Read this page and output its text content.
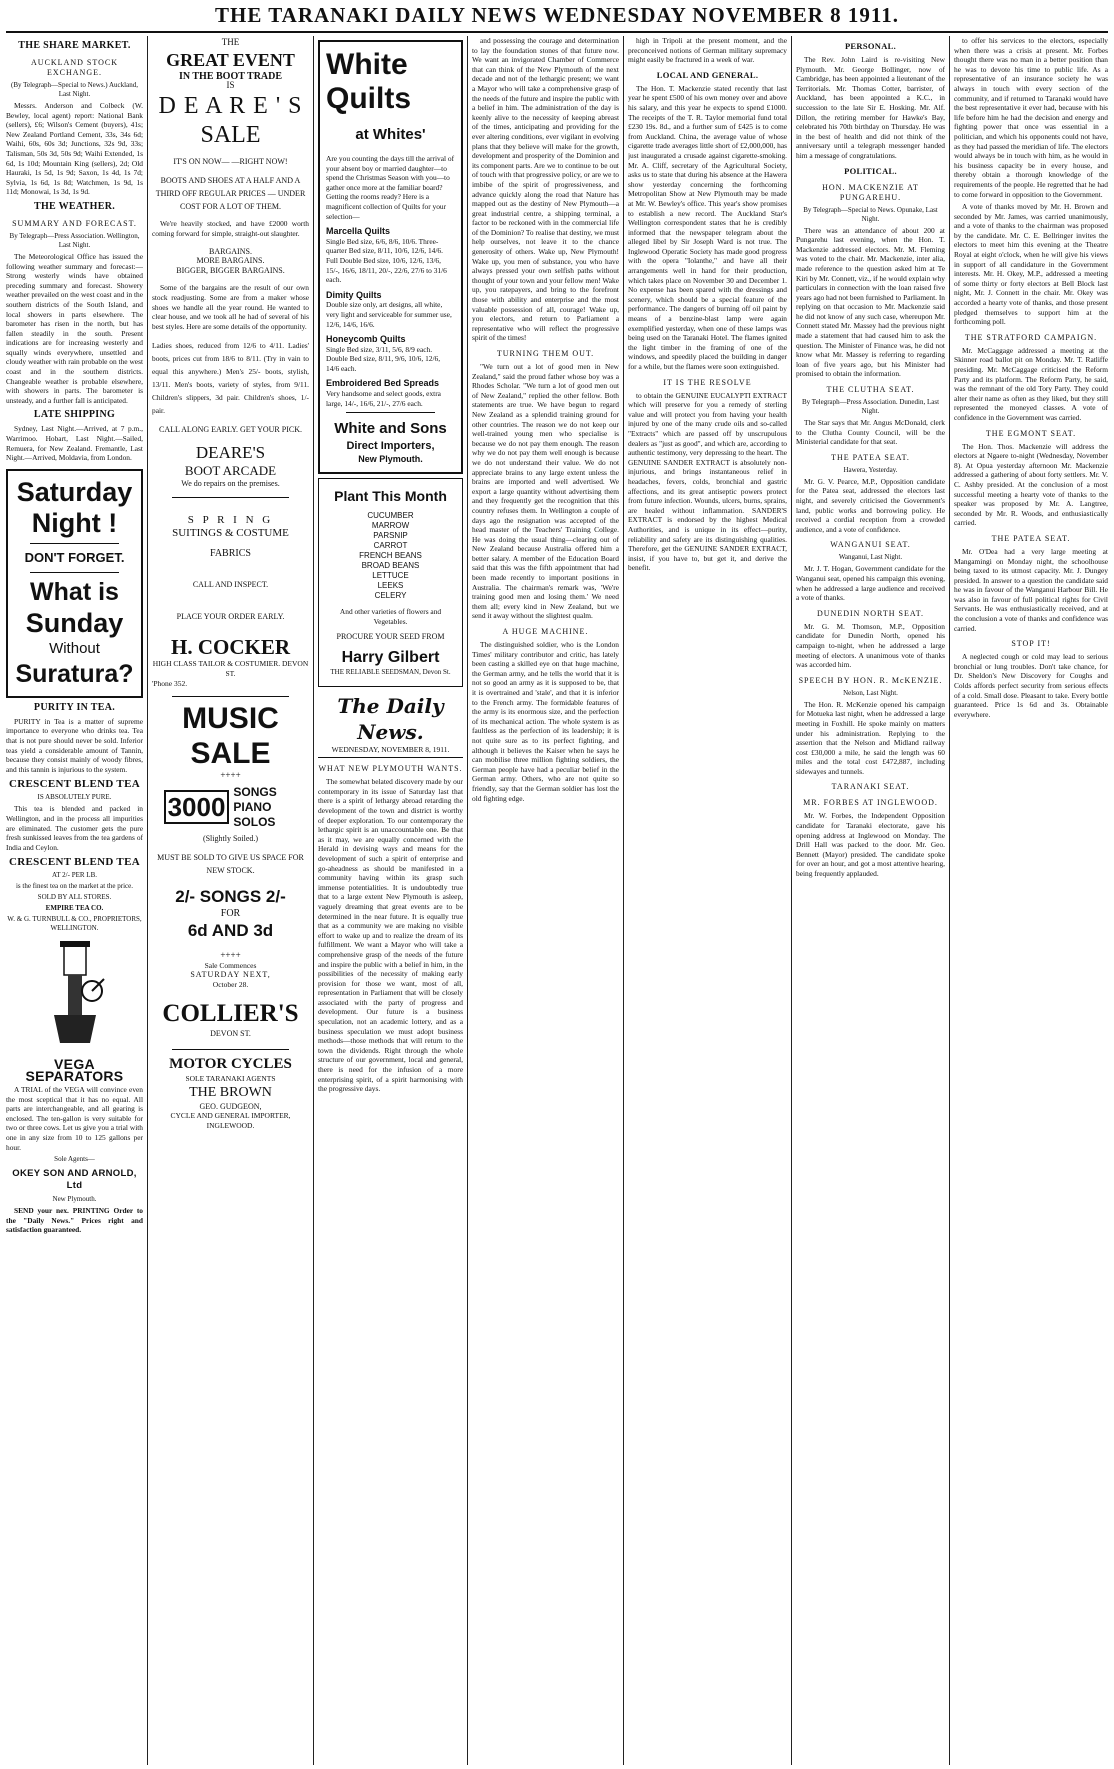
THE TARANAKI DAILY NEWS WEDNESDAY NOVEMBER 8 1911.
THE SHARE MARKET.
AUCKLAND STOCK EXCHANGE.
(By Telegraph—Special to News.) Auckland, Last Night.

Messrs. Anderson and Colbeck (W. Bewley, local agent) report: National Bank (sellers), £6; Wilson's Cement (buyers), 41s; New Zealand Portland Cement, 33s, 34s 6d; Waihi, 60s, 60s 3d; Junctions, 32s 9d, 33s; Talisman, 50s 3d, 50s 9d; Waihi Extended, 1s 6d, 1s 10d; Mountain King (sellers), 2d; Old Hauraki, 1s 5d, 1s 9d; Saxon, 1s 4d, 1s 7d; Sylvia, 1s 6d, 1s 8d; Watchmen, 1s 9d, 1s 11d; Monowai, 1s 3d, 1s 9d.

THE WEATHER.
SUMMARY AND FORECAST.
By Telegraph—Press Association. Wellington, Last Night.

The Meteorological Office has issued the following weather summary and forecast:—Strong westerly winds have obtained preceding summary and forecast. Showery weather prevailed on the west coast and in the southern districts of the South Island, and local showers in parts elsewhere. The barometer has risen in the north, but has fallen steadily in the south. Present indications are for increasing westerly and squally winds everywhere, unsettled and cloudy weather with rain probable on the west coast and in the southern districts. Changeable weather is probable elsewhere, with showers in parts. The barometer is unsteady, and a further fall is anticipated.

LATE SHIPPING

Sydney, Last Night.—Arrived, at 7 p.m., Warrimoo. Hobart, Last Night.—Sailed, Remuera, for New Zealand. Fremantle, Last Night.—Arrived, Moldavia, from London.

Saturday
Night !
DON'T FORGET.
What is
Sunday
Without
Suratura?
PURITY IN TEA.

PURITY in Tea is a matter of supreme importance to everyone who drinks tea. Tea that is not pure should never be sold. Inferior teas yield a considerable amount of Tannin, because they consist mainly of woody fibres, and this tannin is injurious to the system.

CRESCENT BLEND TEA
IS ABSOLUTELY PURE.

This tea is blended and packed in Wellington, and in the process all impurities are eliminated. The customer gets the pure fresh sunkissed leaves from the tea gardens of India and Ceylon.

CRESCENT BLEND TEA
AT 2/- PER LB.
is the finest tea on the market at the price.
SOLD BY ALL STORES.
EMPIRE TEA CO.
W. & G. TURNBULL & CO., PROPRIETORS, WELLINGTON.
VEGA SEPARATORS

A TRIAL of the VEGA will convince even the most sceptical that it has no equal. All parts are interchangeable, and all gearing is enclosed. The ten-gallon is very suitable for two or three cows. Let us give you a trial with one in any size from 10 to 125 gallons per hour.

Sole Agents—
OKEY SON AND ARNOLD, Ltd
New Plymouth.

SEND your nex. PRINTING Order to the "Daily News." Prices right and satisfaction guaranteed.

THE
GREAT EVENT
IN THE BOOT TRADE
IS
D E A R E ' S
SALE
IT'S ON NOW— —RIGHT NOW!
BOOTS AND SHOES AT A HALF AND A THIRD OFF REGULAR PRICES — UNDER COST FOR A LOT OF THEM.

We're heavily stocked, and have £2000 worth coming forward for simple, straight-out slaughter.

BARGAINS.
MORE BARGAINS.
BIGGER, BIGGER BARGAINS.

Some of the bargains are the result of our own stock readjusting. Some are from a maker whose shoes we handle all the year round. He wanted to clear house, and we took all he had of several of his best styles. Here are some details of the opportunity.

Ladies shoes, reduced from 12/6 to 4/11. Ladies' boots, prices cut from 18/6 to 8/11. (Try in vain to equal this anywhere.) Men's 25/- boots, stylish, 13/11. Men's boots, variety of styles, from 9/11. Children's slippers, 3d pair. Children's shoes, 1/- pair.

CALL ALONG EARLY. GET YOUR PICK.
DEARE'S
BOOT ARCADE
We do repairs on the premises.
S P R I N G
SUITINGS & COSTUME
FABRICS
CALL AND INSPECT.
PLACE YOUR ORDER EARLY.
H. COCKER
HIGH CLASS TAILOR & COSTUMIER. DEVON ST.
'Phone 352.
MUSIC
SALE
++++
3000
SONGS PIANO SOLOS
(Slightly Soiled.)
MUST BE SOLD TO GIVE US SPACE FOR NEW STOCK.
2/- SONGS 2/-
FOR
6d AND 3d
++++
Sale Commences
SATURDAY NEXT,
October 28.
COLLIER'S
DEVON ST.
MOTOR CYCLES
SOLE TARANAKI AGENTS
THE BROWN
GEO. GUDGEON,
CYCLE AND GENERAL IMPORTER, INGLEWOOD.
White
Quilts
at Whites'

Are you counting the days till the arrival of your absent boy or married daughter—to spend the Christmas Season with you—to gather once more at the familiar board? Getting the rooms ready? Here is a magnificent collection of Quilts for your selection—

Marcella Quilts

Single Bed size, 6/6, 8/6, 10/6. Three-quarter Bed size, 8/11, 10/6, 12/6, 14/6. Full Double Bed size, 10/6, 12/6, 13/6, 15/-, 16/6, 18/11, 20/-, 22/6, 27/6 to 31/6 each.

Dimity Quilts

Double size only, art designs, all white, very light and serviceable for summer use, 12/6, 14/6, 16/6.

Honeycomb Quilts

Single Bed size, 3/11, 5/6, 8/9 each. Double Bed size, 8/11, 9/6, 10/6, 12/6, 14/6 each.

Embroidered Bed Spreads

Very handsome and select goods, extra large, 14/-, 16/6, 21/-, 27/6 each.

White and Sons
Direct Importers,
New Plymouth.
Plant This Month
CUCUMBER
MARROW
PARSNIP
CARROT
FRENCH BEANS
BROAD BEANS
LETTUCE
LEEKS
CELERY

And other varieties of flowers and Vegetables.

PROCURE YOUR SEED FROM
Harry Gilbert
THE RELIABLE SEEDSMAN, Devon St.
The Daily News.
WEDNESDAY, NOVEMBER 8, 1911.
WHAT NEW PLYMOUTH WANTS.

The somewhat belated discovery made by our contemporary in its issue of Saturday last that there is a spirit of lethargy abroad retarding the development of the town and district is worthy of deeper exploration. To our contemporary the lethargic spirit is an unaccountable one. Be that as it may, we are equally concerned with the Herald in devising ways and means for the development of such a spirit of enterprise and go-aheadness as should be manifested in a community having within its grasp such immense potentialities. It is undoubtedly true that to a large extent New Plymouth is asleep, vaguely dreaming that great events are to be determined in the near future. It is equally true that as a community we are making no visible effort to wake up and to realize the dream of its fulfillment. We want a Mayor who will take a comprehensive grasp of the needs of the future and inspire the public with a belief in him, in the possibilities of the necessity of making early provision for those we want, most of all, representation in Parliament that will be closely associated with the party of progress and development. Our future is a business speculation, not an academic lottery, and as a business speculation we must adopt business methods—those methods that will return to the town the dividends. Right through the whole structure of our government, local and general, there is need for the infusion of a more enterprising spirit, of a spirit harmonising with the progressive days.

and possessing the courage and determination to lay the foundation stones of that future now. We want an invigorated Chamber of Commerce that can think of the New Plymouth of the next decade and not of the lethargic present; we want a Mayor who will take a comprehensive grasp of the needs of the future and inspire the public with a belief in him. The administration of the day is keenly alive to the necessity of keeping abreast of the times, anticipating and providing for the ever altering conditions, ever vigilant in evolving plans that they believe will make for the growth, development and prosperity of the Dominion and its component parts. Are we to continue to be out of touch with that progressive policy, or are we to imbibe of the spirit of progressiveness, and advance quickly along the road that Nature has mapped out as the destiny of New Plymouth—a great industrial centre, a shipping terminal, a factor to be reckoned with in the commercial life of the Dominion? To realise that destiny, we must help ourselves, not leave it to the chance generosity of others. Wake up, New Plymouth! Wake up, you men of substance, you who have always pressed your own selfish paths without thought of your town and your fellow men! Wake up, you ratepayers, and bring to the forefront those with ability and enterprise and the most valuable possession of all, courage! Wake up, you electors, and return to Parliament a representative who will reflect the progressive spirit of the times!

TURNING THEM OUT.

"We turn out a lot of good men in New Zealand," said the proud father whose boy was a Rhodes Scholar. "We turn a lot of good men out of New Zealand," replied the other fellow. Both statements are true. We have begun to regard New Zealand as a splendid training ground for other countries. The reason we do not keep our well-trained young men who specialise is because we do not pay them enough. The reason why we do not pay them well enough is because we do not understand their value. We do not appreciate brains to any large extent unless the brains are imported and well advertised. We export a large quantity without advertising them and they frequently get the recognition that this country refuses them. In Wellington a couple of days ago the resignation was accepted of the head master of the Teachers' Training College. He was doing the usual thing—clearing out of New Zealand because Australia offered him a better salary. A member of the Education Board said that this was the fifth appointment that had been made recently to important positions in Australia. The chairman's remark was, 'We're training good men and losing them.' We need them all; every kind in New Zealand, but we send it away without the slightest qualm.

A HUGE MACHINE.

The distinguished soldier, who is the London Times' military contributor and critic, has lately been casting a skilled eye on that huge machine, the German army, and he tells the world that it is not so good an army as it is supposed to be, that it is overtrained and 'stale', and that it is inferior to the French army. The formidable features of the army is its enormous size, and the perfection of its mechanical action. The whole system is as faultless as the perfection of its leadership; it is not quite sure as to its perfect fighting, and although it believes the Kaiser when he says he can mobilise three million fighting soldiers, the German people have had a peculiar belief in the German army. Others, who are not quite so friendly, say that the German soldier has lost the old fighting edge.

high in Tripoli at the present moment, and the preconceived notions of German military supremacy might easily be fractured in a week of war.

LOCAL AND GENERAL.

The Hon. T. Mackenzie stated recently that last year he spent £500 of his own money over and above his salary, and this year he expects to spend £1000. The receipts of the T. R. Taylor memorial fund total £230 19s. 8d., and a further sum of £425 is to come from Auckland. China, the average value of whose cigarette trade averages little short of £2,000,000, has just inaugurated a crusade against cigarette-smoking. Mr. A. Cliff, secretary of the Agricultural Society, asks us to state that during his absence at the Hawera show yesterday concerning the forthcoming Metropolitan Show at New Plymouth may be made at Mr. W. Bewley's office. This year's show promises to establish a new record. The Auckland Star's Wellington correspondent states that he is credibly informed that the newspaper telegram about the alleged libel by Sir Joseph Ward is not true. The Inglewood Operatic Society has made good progress with the opera "Iolanthe," and have all their arrangements well in hand for their production, which takes place on November 30 and December 1. No expense has been spared with the dressings and scenery, which should be a special feature of the performance. The dangers of burning off oil paint by means of a benzine-blast lamp were again exemplified yesterday, when one of these lamps was being used on the Taranaki Hotel. The flames ignited the light timber in the framing of one of the windows, and speedily placed the building in danger for a while, but the flames were soon extinguished.

IT IS THE RESOLVE

to obtain the GENUINE EUCALYPTI EXTRACT which will preserve for you a remedy of sterling value and will protect you from having your health injured by one of the many crude oils and so-called "Extracts" which are passed off by unscrupulous dealers as "just as good", and which are, according to authentic testimony, very depressing to the heart. The GENUINE SANDER EXTRACT is absolutely non-injurious, and brings instantaneous relief in headaches, fevers, colds, bronchial and gastric affections, and its great antiseptic powers protect from future infection. Wounds, ulcers, burns, sprains, are healed without inflammation. SANDER'S EXTRACT is endorsed by the highest Medical Authorities, and is unique in its effect—purity, reliability and safety are its distinguishing qualities. Therefore, get the GENUINE SANDER EXTRACT, insist, if you have to, but get it, and derive the benefit.

PERSONAL.

The Rev. John Laird is re-visiting New Plymouth. Mr. George Bollinger, now of Cambridge, has been appointed a lieutenant of the Territorials. Mr. Thomas Cotter, barrister, of Auckland, has been appointed a K.C., in succession to the late Sir E. Hosking. Mr. Alf. Dillon, the retiring member for Hawke's Bay, celebrated his 70th birthday on Thursday. He was in the best of health and did not think of the anniversary until a telegraph messenger handed him a message of congratulations.

POLITICAL.
HON. MACKENZIE AT PUNGAREHU.
By Telegraph—Special to News. Opunake, Last Night.

There was an attendance of about 200 at Pungarehu last evening, when the Hon. T. Mackenzie addressed electors. Mr. M. Fleming was voted to the chair. Mr. Mackenzie, inter alia, made reference to the question asked him at Te Kiri by Mr. Connett, viz., if he would explain why particulars in connection with the loan raised five years ago had not been furnished to Parliament. In replying on that occasion to Mr. Mackenzie said he did not know of any such case, whereupon Mr. Connett stated Mr. Massey had the previous night made a statement that had caused him to ask the question. The Minister of Finance was, he did not know what Mr. Massey is referring to regarding loan of five years ago, but his Minister had promised to obtain the information.

THE CLUTHA SEAT.
By Telegraph—Press Association. Dunedin, Last Night.

The Star says that Mr. Angus McDonald, clerk to the Clutha County Council, will be the Ministerial candidate for that seat.

THE PATEA SEAT.
Hawera, Yesterday.

Mr. G. V. Pearce, M.P., Opposition candidate for the Patea seat, addressed the electors last night, and severely criticised the Government's land, public works and borrowing policy. He received a cordial reception from a crowded audience, and a vote of confidence.

WANGANUI SEAT.
Wanganui, Last Night.

Mr. J. T. Hogan, Government candidate for the Wanganui seat, opened his campaign this evening, when he addressed a large audience and received a vote of thanks.

DUNEDIN NORTH SEAT.

Mr. G. M. Thomson, M.P., Opposition candidate for Dunedin North, opened his campaign to-night, when he addressed a large meeting of electors. A unanimous vote of thanks was accorded him.

SPEECH BY HON. R. McKENZIE.
Nelson, Last Night.

The Hon. R. McKenzie opened his campaign for Motueka last night, when he addressed a large meeting in Foxhill. He spoke mainly on matters under his administration. Replying to the assertion that the Nelson and Midland railway cost £30,000 a mile, he said the length was 60 miles and the total cost £472,887, including sidewayes and tunnels.

TARANAKI SEAT.
MR. FORBES AT INGLEWOOD.

Mr. W. Forbes, the Independent Opposition candidate for Taranaki electorate, gave his opening address at Inglewood on Monday. The Drill Hall was packed to the door. Mr. Geo. Bennett (Mayor) presided. The candidate spoke for over an hour, and got a most attentive hearing, being frequently applauded.

to offer his services to the electors, especially when there was a crisis at present. Mr. Forbes thought there was no man in a better position than he was to devote his time to public life. As a representative of an insurance society he was always in touch with every section of the community, and if returned to Taranaki would have the best representative it ever had, because with his life before him he had the decision and energy and fighting power that once was essential in a politician, and which his opponents could not have, as they had passed the meridian of life. The electors would always be in touch with him, as he would in his business capacity be in every house, and thereby obtain a thorough knowledge of the requirements of the people. He regretted that he had to come forward in opposition to the Government.

A vote of thanks moved by Mr. H. Brown and seconded by Mr. James, was carried unanimously, and a vote of thanks to the chairman was proposed by the candidate. Mr. C. E. Bellringer invites the electors to meet him this evening at the Theatre Royal at eight o'clock, when he will give his views in support of all candidature in the Government interests. Mr. H. Okey, M.P., addressed a meeting of some thirty or forty electors at Bell Block last night, Mr. J. Connett in the chair. Mr. Okey was accorded a hearty vote of thanks, and those present pledged themselves to support him at the forthcoming poll.

THE STRATFORD CAMPAIGN.

Mr. McCaggage addressed a meeting at the Skinner road ballot pit on Monday. Mr. T. Ratliffe presiding. Mr. McCaggage criticised the Reform Party and its platform. The Reform Party, he said, was the remnant of the old Tory Party. They could alter their name as often as they liked, but they still represented the moneyed classes. A vote of confidence in the Government was carried.

THE EGMONT SEAT.

The Hon. Thos. Mackenzie will address the electors at Ngaere to-night (Wednesday, November 8). At Opua yesterday afternoon Mr. Mackenzie addressed a gathering of about forty settlers. Mr. V. C. Ashby presided. At the conclusion of a most successful meeting a hearty vote of thanks to the speaker was proposed by Mr. A. Langtree, seconded by Mr. R. Woods, and enthusiastically carried.

THE PATEA SEAT.

Mr. O'Dea had a very large meeting at Mangamingi on Monday night, the schoolhouse being taxed to its utmost capacity. Mr. J. Dungey presided. In answer to a question the candidate said he was in favour of the Wanganui Harbour Bill. He was also in favour of full political rights for Civil Servants. He was enthusiastically received, and at the conclusion a vote of thanks and confidence was carried.

STOP IT!

A neglected cough or cold may lead to serious bronchial or lung troubles. Don't take chance, for Dr. Sheldon's New Discovery for Coughs and Colds affords perfect security from serious effects of a cold. Small dose. Pleasant to take. Every bottle guaranteed. Price 1s 6d and 3s. Obtainable everywhere.
